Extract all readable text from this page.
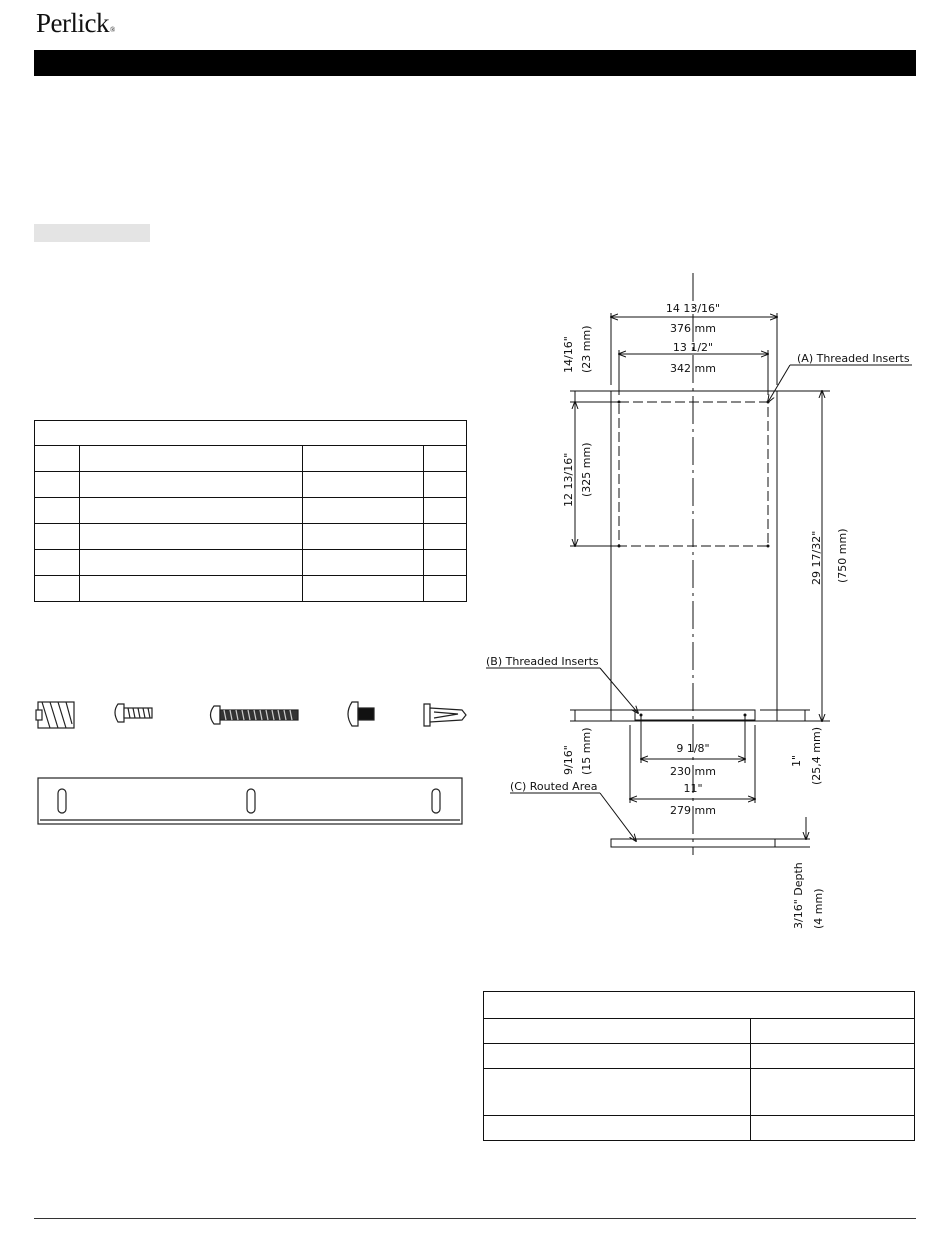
Perlick®

14 13/16"
376 mm
13 1/2"
342 mm
14/16" (23 mm)
12 13/16" (325 mm)
29 17/32" (750 mm)
(A) Threaded Inserts
(B) Threaded Inserts
(C) Routed Area
9/16" (15 mm)	9 1/8"
230 mm
11"
279 mm
1" (25,4 mm)
3/16" Depth (4 mm)
